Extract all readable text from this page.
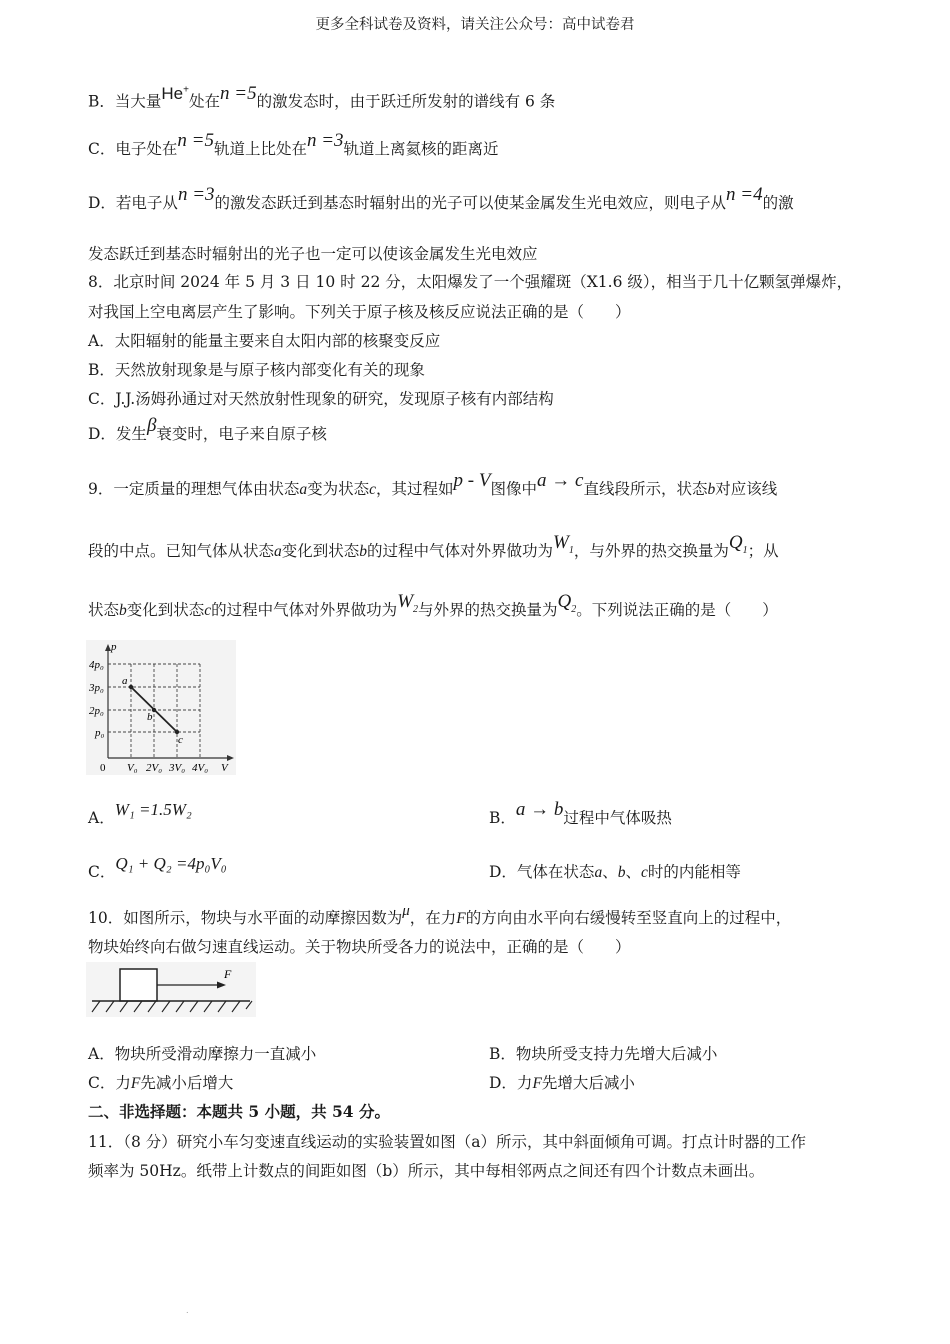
更多全科试卷及资料，请关注公众号：高中试卷君
B．当大量He+处在n =5的激发态时，由于跃迁所发射的谱线有 6 条
C．电子处在n =5轨道上比处在n =3轨道上离氦核的距离近
D．若电子从n =3的激发态跃迁到基态时辐射出的光子可以使某金属发生光电效应，则电子从n =4的激
发态跃迁到基态时辐射出的光子也一定可以使该金属发生光电效应
8．北京时间 2024 年 5 月 3 日 10 时 22 分，太阳爆发了一个强耀斑（X1.6 级），相当于几十亿颗氢弹爆炸，
对我国上空电离层产生了影响。下列关于原子核及核反应说法正确的是（　　）
A．太阳辐射的能量主要来自太阳内部的核聚变反应
B．天然放射现象是与原子核内部变化有关的现象
C．J.J.汤姆孙通过对天然放射性现象的研究，发现原子核有内部结构
D．发生β衰变时，电子来自原子核
9．一定质量的理想气体由状态a变为状态c，其过程如p - V图像中a → c直线段所示，状态b对应该线
段的中点。已知气体从状态a变化到状态b的过程中气体对外界做功为$W_1$，与外界的热交换量为$Q_1$；从
状态b变化到状态c的过程中气体对外界做功为$W_2$与外界的热交换量为$Q_2$。下列说法正确的是（　　）
p
V
0
4p₀
3p₀
2p₀
p₀
V₀ 2V₀ 3V₀ 4V₀
a
b
c
A．W₁ =1.5W₂	B．a → b过程中气体吸热
C．Q₁ + Q₂ =4p₀V₀	D．气体在状态a、b、c时的内能相等
10．如图所示，物块与水平面的动摩擦因数为μ，在力F的方向由水平向右缓慢转至竖直向上的过程中，
物块始终向右做匀速直线运动。关于物块所受各力的说法中，正确的是（　　）
F
A．物块所受滑动摩擦力一直减小	B．物块所受支持力先增大后减小
C．力F先减小后增大	D．力F先增大后减小
二、非选择题：本题共 5 小题，共 54 分。
11．（8 分）研究小车匀变速直线运动的实验装置如图（a）所示，其中斜面倾角可调。打点计时器的工作
频率为 50Hz。纸带上计数点的间距如图（b）所示，其中每相邻两点之间还有四个计数点未画出。
.
